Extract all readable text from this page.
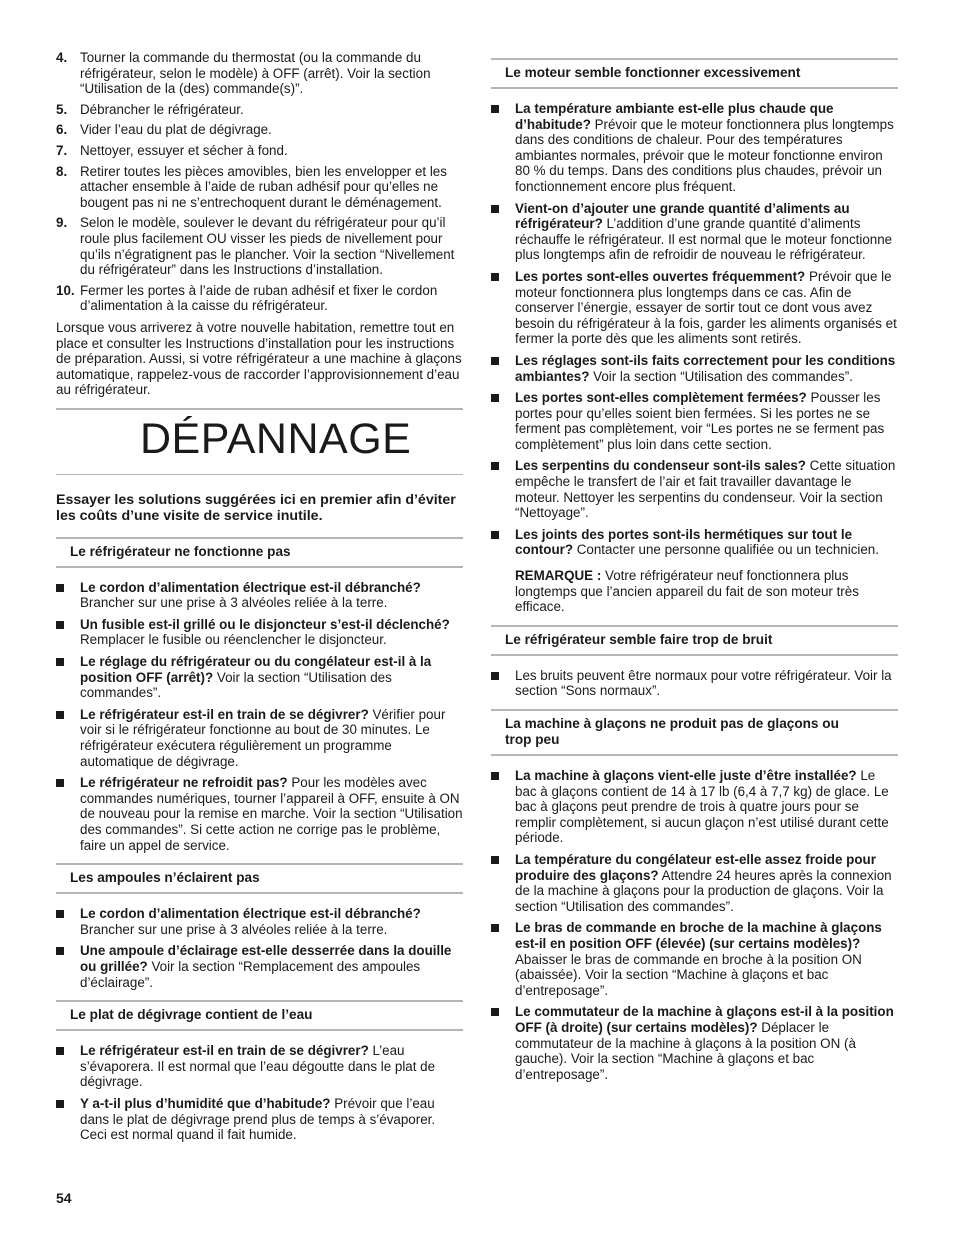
4. Tourner la commande du thermostat (ou la commande du réfrigérateur, selon le modèle) à OFF (arrêt). Voir la section “Utilisation de la (des) commande(s)”.
5. Débrancher le réfrigérateur.
6. Vider l’eau du plat de dégivrage.
7. Nettoyer, essuyer et sécher à fond.
8. Retirer toutes les pièces amovibles, bien les envelopper et les attacher ensemble à l’aide de ruban adhésif pour qu’elles ne bougent pas ni ne s’entrechoquent durant le déménagement.
9. Selon le modèle, soulever le devant du réfrigérateur pour qu’il roule plus facilement OU visser les pieds de nivellement pour qu’ils n’égratignent pas le plancher. Voir la section “Nivellement du réfrigérateur” dans les Instructions d’installation.
10. Fermer les portes à l’aide de ruban adhésif et fixer le cordon d’alimentation à la caisse du réfrigérateur.

Lorsque vous arriverez à votre nouvelle habitation, remettre tout en place et consulter les Instructions d’installation pour les instructions de préparation. Aussi, si votre réfrigérateur a une machine à glaçons automatique, rappelez-vous de raccorder l’approvisionnement d’eau au réfrigérateur.

DÉPANNAGE

Essayer les solutions suggérées ici en premier afin d’éviter les coûts d’une visite de service inutile.

Le réfrigérateur ne fonctionne pas
Le cordon d’alimentation électrique est-il débranché? Brancher sur une prise à 3 alvéoles reliée à la terre.
Un fusible est-il grillé ou le disjoncteur s’est-il déclenché? Remplacer le fusible ou réenclencher le disjoncteur.
Le réglage du réfrigérateur ou du congélateur est-il à la position OFF (arrêt)? Voir la section “Utilisation des commandes”.
Le réfrigérateur est-il en train de se dégivrer? Vérifier pour voir si le réfrigérateur fonctionne au bout de 30 minutes. Le réfrigérateur exécutera régulièrement un programme automatique de dégivrage.
Le réfrigérateur ne refroidit pas? Pour les modèles avec commandes numériques, tourner l’appareil à OFF, ensuite à ON de nouveau pour la remise en marche. Voir la section “Utilisation des commandes”. Si cette action ne corrige pas le problème, faire un appel de service.
Les ampoules n’éclairent pas
Le cordon d’alimentation électrique est-il débranché? Brancher sur une prise à 3 alvéoles reliée à la terre.
Une ampoule d’éclairage est-elle desserrée dans la douille ou grillée? Voir la section “Remplacement des ampoules d’éclairage”.
Le plat de dégivrage contient de l’eau
Le réfrigérateur est-il en train de se dégivrer? L’eau s’évaporera. Il est normal que l’eau dégoutte dans le plat de dégivrage.
Y a-t-il plus d’humidité que d’habitude? Prévoir que l’eau dans le plat de dégivrage prend plus de temps à s’évaporer. Ceci est normal quand il fait humide.
Le moteur semble fonctionner excessivement
La température ambiante est-elle plus chaude que d’habitude? Prévoir que le moteur fonctionnera plus longtemps dans des conditions de chaleur. Pour des températures ambiantes normales, prévoir que le moteur fonctionne environ 80 % du temps. Dans des conditions plus chaudes, prévoir un fonctionnement encore plus fréquent.
Vient-on d’ajouter une grande quantité d’aliments au réfrigérateur? L’addition d’une grande quantité d’aliments réchauffe le réfrigérateur. Il est normal que le moteur fonctionne plus longtemps afin de refroidir de nouveau le réfrigérateur.
Les portes sont-elles ouvertes fréquemment? Prévoir que le moteur fonctionnera plus longtemps dans ce cas. Afin de conserver l’énergie, essayer de sortir tout ce dont vous avez besoin du réfrigérateur à la fois, garder les aliments organisés et fermer la porte dès que les aliments sont retirés.
Les réglages sont-ils faits correctement pour les conditions ambiantes? Voir la section “Utilisation des commandes”.
Les portes sont-elles complètement fermées? Pousser les portes pour qu’elles soient bien fermées. Si les portes ne se ferment pas complètement, voir “Les portes ne se ferment pas complètement” plus loin dans cette section.
Les serpentins du condenseur sont-ils sales? Cette situation empêche le transfert de l’air et fait travailler davantage le moteur. Nettoyer les serpentins du condenseur. Voir la section “Nettoyage”.
Les joints des portes sont-ils hermétiques sur tout le contour? Contacter une personne qualifiée ou un technicien.

REMARQUE : Votre réfrigérateur neuf fonctionnera plus longtemps que l’ancien appareil du fait de son moteur très efficace.

Le réfrigérateur semble faire trop de bruit
Les bruits peuvent être normaux pour votre réfrigérateur. Voir la section “Sons normaux”.
La machine à glaçons ne produit pas de glaçons ou trop peu
La machine à glaçons vient-elle juste d’être installée? Le bac à glaçons contient de 14 à 17 lb (6,4 à 7,7 kg) de glace. Le bac à glaçons peut prendre de trois à quatre jours pour se remplir complètement, si aucun glaçon n’est utilisé durant cette période.
La température du congélateur est-elle assez froide pour produire des glaçons? Attendre 24 heures après la connexion de la machine à glaçons pour la production de glaçons. Voir la section “Utilisation des commandes”.
Le bras de commande en broche de la machine à glaçons est-il en position OFF (élevée) (sur certains modèles)? Abaisser le bras de commande en broche à la position ON (abaissée). Voir la section “Machine à glaçons et bac d’entreposage”.
Le commutateur de la machine à glaçons est-il à la position OFF (à droite) (sur certains modèles)? Déplacer le commutateur de la machine à glaçons à la position ON (à gauche). Voir la section “Machine à glaçons et bac d’entreposage”.
54
